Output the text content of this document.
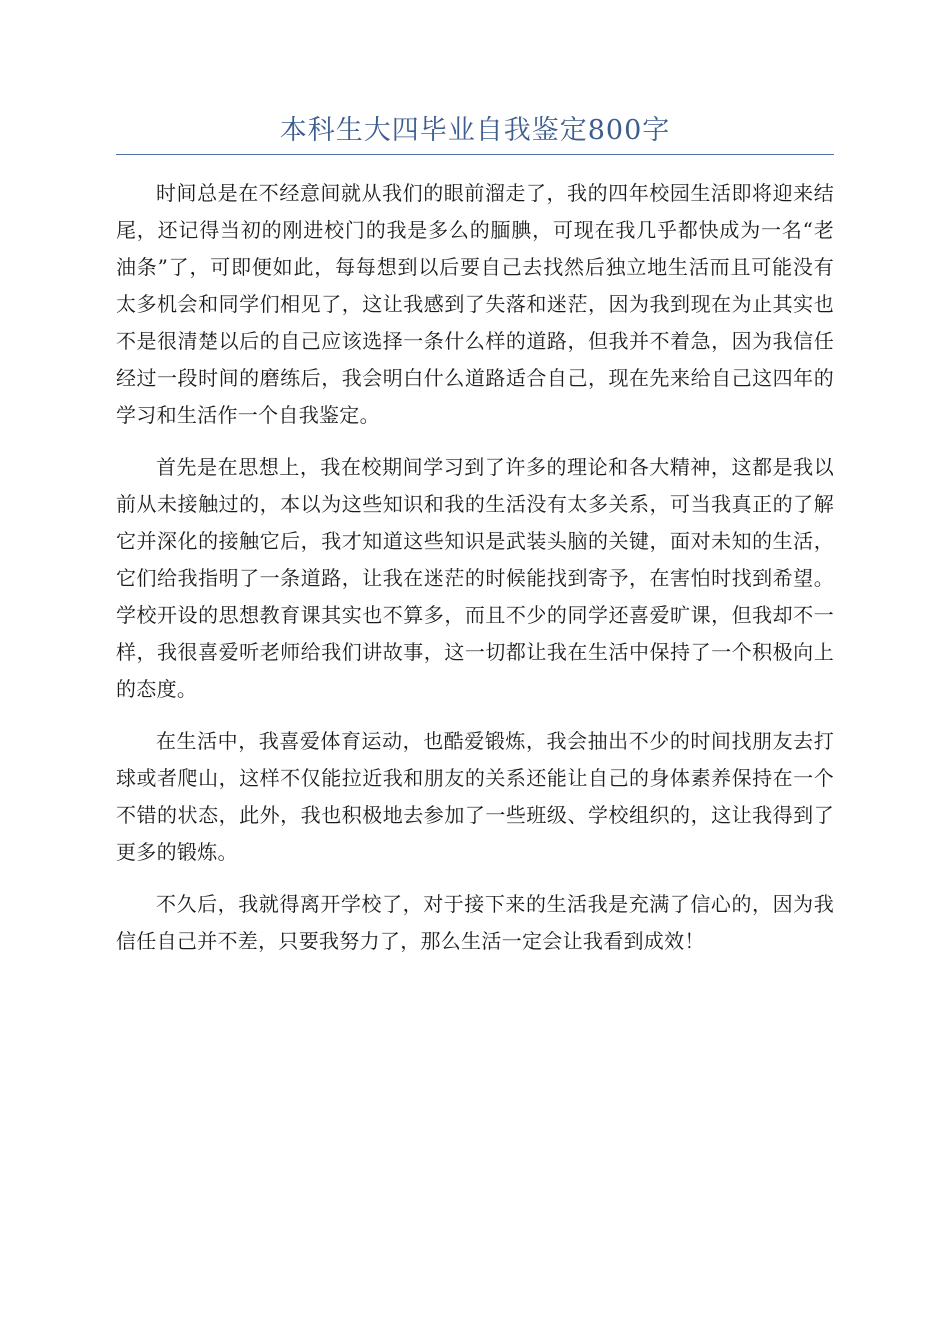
本科生大四毕业自我鉴定800字

时间总是在不经意间就从我们的眼前溜走了，我的四年校园生活即将迎来结尾，还记得当初的刚进校门的我是多么的腼腆，可现在我几乎都快成为一名“老油条”了，可即便如此，每每想到以后要自己去找然后独立地生活而且可能没有太多机会和同学们相见了，这让我感到了失落和迷茫，因为我到现在为止其实也不是很清楚以后的自己应该选择一条什么样的道路，但我并不着急，因为我信任经过一段时间的磨练后，我会明白什么道路适合自己，现在先来给自己这四年的学习和生活作一个自我鉴定。

首先是在思想上，我在校期间学习到了许多的理论和各大精神，这都是我以前从未接触过的，本以为这些知识和我的生活没有太多关系，可当我真正的了解它并深化的接触它后，我才知道这些知识是武装头脑的关键，面对未知的生活，它们给我指明了一条道路，让我在迷茫的时候能找到寄予，在害怕时找到希望。学校开设的思想教育课其实也不算多，而且不少的同学还喜爱旷课，但我却不一样，我很喜爱听老师给我们讲故事，这一切都让我在生活中保持了一个积极向上的态度。

在生活中，我喜爱体育运动，也酷爱锻炼，我会抽出不少的时间找朋友去打球或者爬山，这样不仅能拉近我和朋友的关系还能让自己的身体素养保持在一个不错的状态，此外，我也积极地去参加了一些班级、学校组织的，这让我得到了更多的锻炼。

不久后，我就得离开学校了，对于接下来的生活我是充满了信心的，因为我信任自己并不差，只要我努力了，那么生活一定会让我看到成效！
